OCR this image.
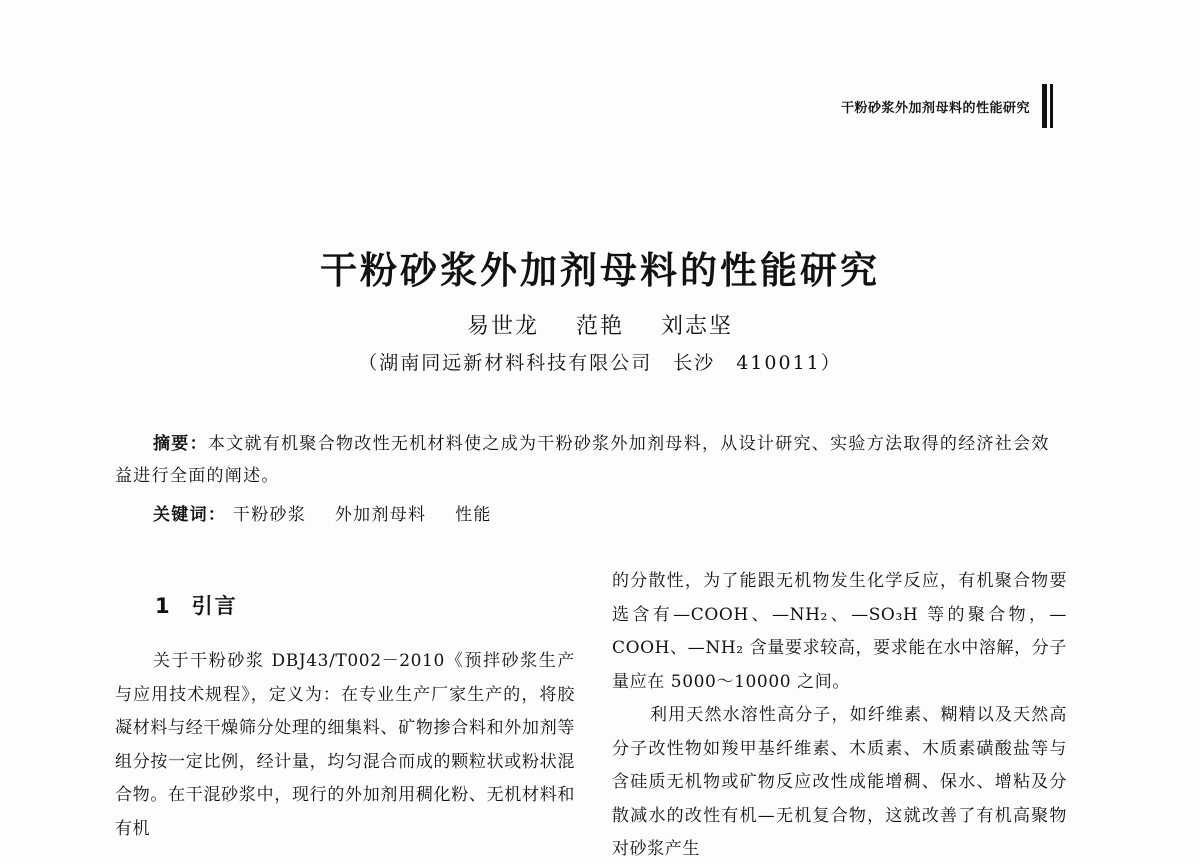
干粉砂浆外加剂母料的性能研究
干粉砂浆外加剂母料的性能研究
易世龙 范艳 刘志坚
（湖南同远新材料科技有限公司　长沙　410011）
摘要：本文就有机聚合物改性无机材料使之成为干粉砂浆外加剂母料，从设计研究、实验方法取得的经济社会效益进行全面的阐述。
关键词： 干粉砂浆 外加剂母料 性能
1 引言

关于干粉砂浆 DBJ43/T002－2010《预拌砂浆生产与应用技术规程》，定义为：在专业生产厂家生产的，将胶凝材料与经干燥筛分处理的细集料、矿物掺合料和外加剂等组分按一定比例，经计量，均匀混合而成的颗粒状或粉状混合物。在干混砂浆中，现行的外加剂用稠化粉、无机材料和有机

的分散性，为了能跟无机物发生化学反应，有机聚合物要选含有—COOH、—NH₂、—SO₃H 等的聚合物，—COOH、—NH₂ 含量要求较高，要求能在水中溶解，分子量应在 5000～10000 之间。

利用天然水溶性高分子，如纤维素、糊精以及天然高分子改性物如羧甲基纤维素、木质素、木质素磺酸盐等与含硅质无机物或矿物反应改性成能增稠、保水、增粘及分散减水的改性有机—无机复合物，这就改善了有机高聚物对砂浆产生
